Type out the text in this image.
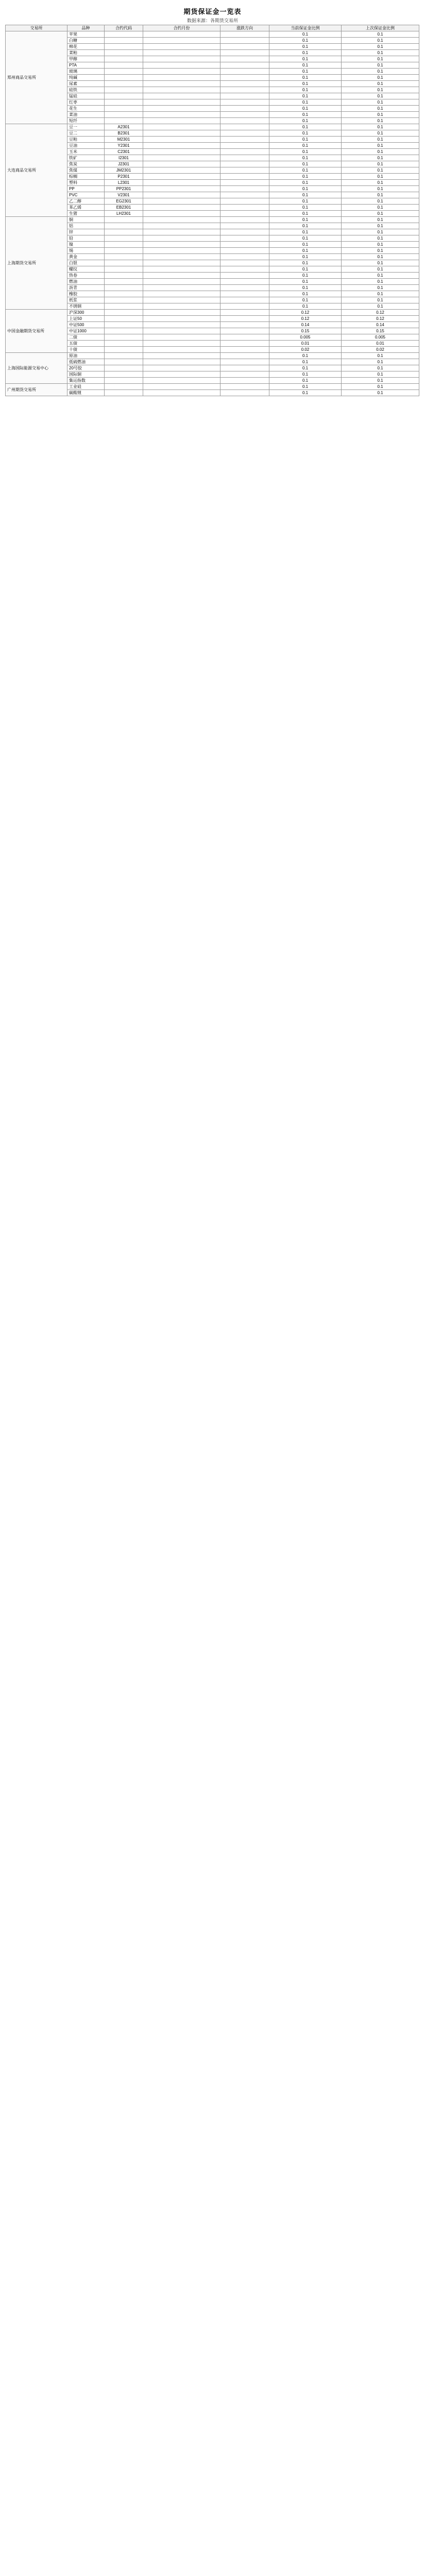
期货保证金一览表
数据来源：各期货交易所
交易所	品种	合约代码	合约月份	涨跌方向	当前保证金比例	上次保证金比例
郑州商品交易所	苹果				0.1	0.1
	白糖				0.1	0.1
	棉花				0.1	0.1
	菜粕				0.1	0.1
	甲醇				0.1	0.1
	PTA				0.1	0.1
	玻璃				0.1	0.1
	纯碱				0.1	0.1
	尿素				0.1	0.1
	硅铁				0.1	0.1
	锰硅				0.1	0.1
	红枣				0.1	0.1
	花生				0.1	0.1
	菜油				0.1	0.1
	短纤				0.1	0.1
大连商品交易所	豆一	A2301			0.1	0.1
	豆二	B2301			0.1	0.1
	豆粕	M2301			0.1	0.1
	豆油	Y2301			0.1	0.1
	玉米	C2301			0.1	0.1
	铁矿	I2301			0.1	0.1
	焦炭	J2301			0.1	0.1
	焦煤	JM2301			0.1	0.1
	棕榈	P2301			0.1	0.1
	塑料	L2301			0.1	0.1
	PP	PP2301			0.1	0.1
	PVC	V2301			0.1	0.1
	乙二醇	EG2301			0.1	0.1
	苯乙烯	EB2301			0.1	0.1
	生猪	LH2301			0.1	0.1
上海期货交易所	铜				0.1	0.1
	铝				0.1	0.1
	锌				0.1	0.1
	铅				0.1	0.1
	镍				0.1	0.1
	锡				0.1	0.1
	黄金				0.1	0.1
	白银				0.1	0.1
	螺纹				0.1	0.1
	热卷				0.1	0.1
	燃油				0.1	0.1
	沥青				0.1	0.1
	橡胶				0.1	0.1
	纸浆				0.1	0.1
	不锈钢				0.1	0.1
中国金融期货交易所	沪深300				0.12	0.12
	上证50				0.12	0.12
	中证500				0.14	0.14
	中证1000				0.15	0.15
	二债				0.005	0.005
	五债				0.01	0.01
	十债				0.02	0.02
上海国际能源交易中心	原油				0.1	0.1
	低硫燃油				0.1	0.1
	20号胶				0.1	0.1
	国际铜				0.1	0.1
	集运指数				0.1	0.1
广州期货交易所	工业硅				0.1	0.1
	碳酸锂				0.1	0.1
